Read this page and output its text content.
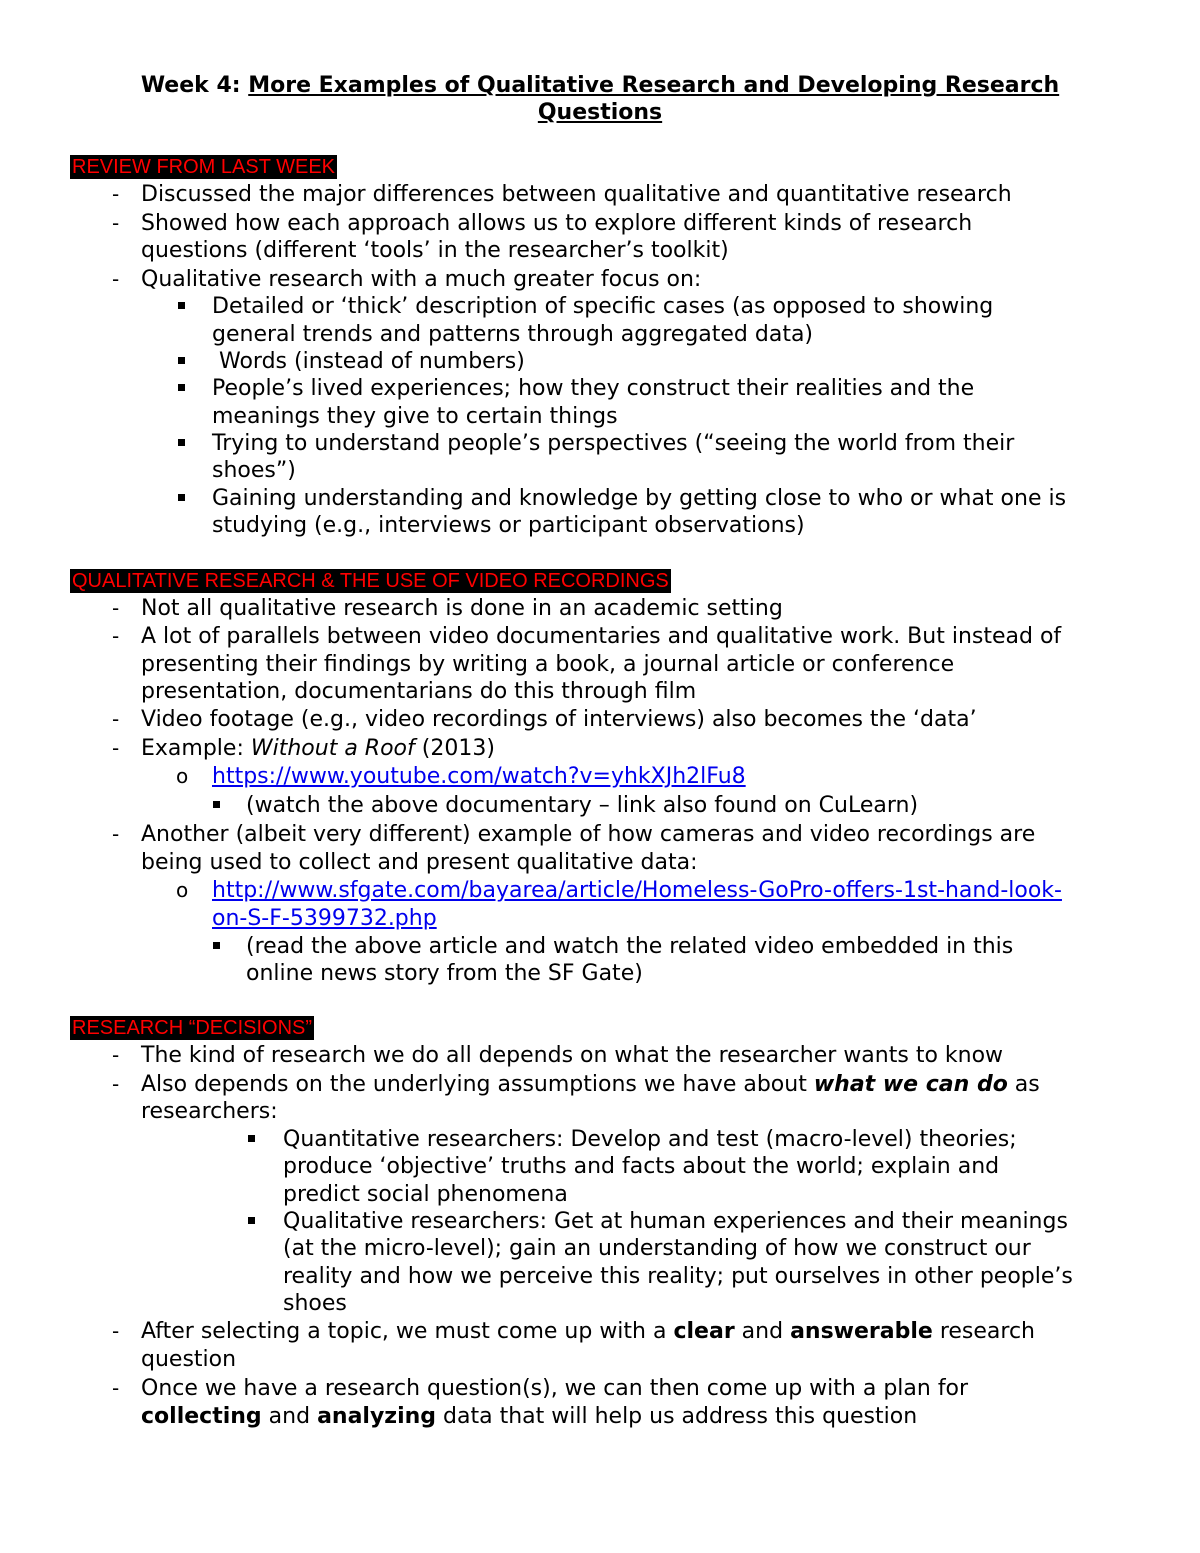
Week 4: More Examples of Qualitative Research and Developing Research
Questions
REVIEW FROM LAST WEEK
- Discussed the major differences between qualitative and quantitative research
- Showed how each approach allows us to explore different kinds of research
questions (different ‘tools’ in the researcher’s toolkit)
- Qualitative research with a much greater focus on:
Detailed or ‘thick’ description of specific cases (as opposed to showing
general trends and patterns through aggregated data)
Words (instead of numbers)
People’s lived experiences; how they construct their realities and the
meanings they give to certain things
Trying to understand people’s perspectives (“seeing the world from their
shoes”)
Gaining understanding and knowledge by getting close to who or what one is
studying (e.g., interviews or participant observations)
QUALITATIVE RESEARCH & THE USE OF VIDEO RECORDINGS
- Not all qualitative research is done in an academic setting
- A lot of parallels between video documentaries and qualitative work. But instead of
presenting their findings by writing a book, a journal article or conference
presentation, documentarians do this through film
- Video footage (e.g., video recordings of interviews) also becomes the ‘data’
- Example: Without a Roof (2013)
o https://www.youtube.com/watch?v=yhkXJh2lFu8
(watch the above documentary – link also found on CuLearn)
- Another (albeit very different) example of how cameras and video recordings are
being used to collect and present qualitative data:
o http://www.sfgate.com/bayarea/article/Homeless-GoPro-offers-1st-hand-look-
on-S-F-5399732.php
(read the above article and watch the related video embedded in this
online news story from the SF Gate)
RESEARCH “DECISIONS”
- The kind of research we do all depends on what the researcher wants to know
- Also depends on the underlying assumptions we have about what we can do as
researchers:
Quantitative researchers: Develop and test (macro-level) theories;
produce ‘objective’ truths and facts about the world; explain and
predict social phenomena
Qualitative researchers: Get at human experiences and their meanings
(at the micro-level); gain an understanding of how we construct our
reality and how we perceive this reality; put ourselves in other people’s
shoes
- After selecting a topic, we must come up with a clear and answerable research
question
- Once we have a research question(s), we can then come up with a plan for
collecting and analyzing data that will help us address this question
